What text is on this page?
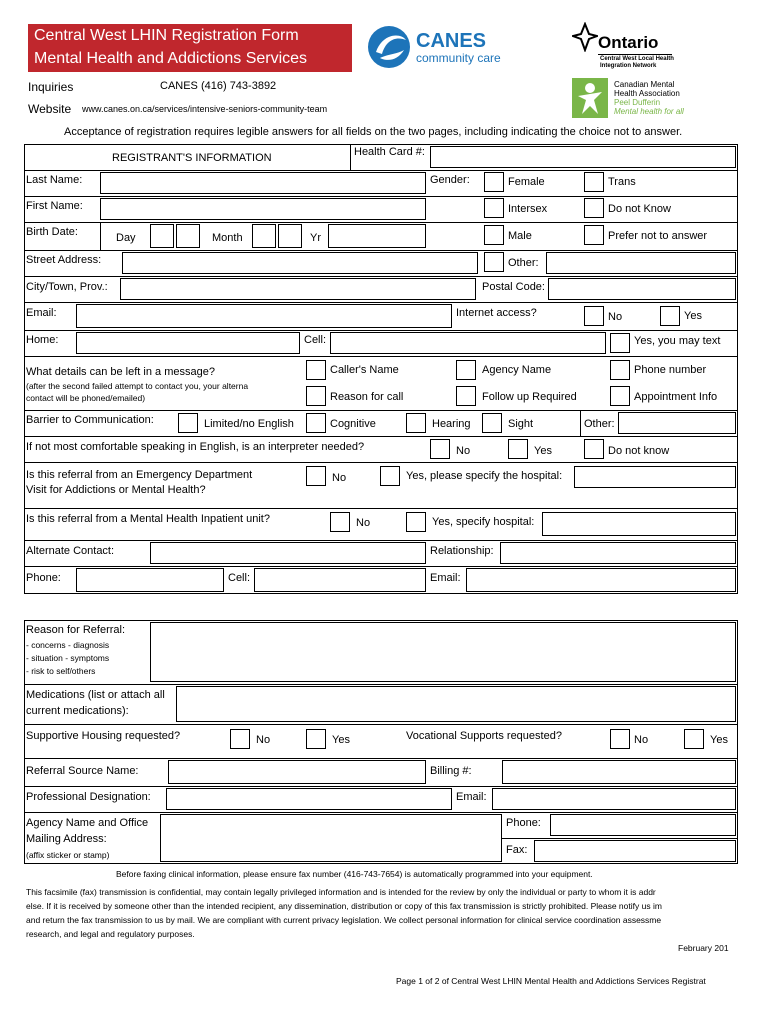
Central West LHIN Registration Form
Mental Health and Addictions Services
CANES
community care
Ontario
Central West Local Health
Integration Network
Canadian Mental
Health Association
Peel Dufferin
Mental health for all
Inquiries	CANES (416) 743-3892
Website www.canes.on.ca/services/intensive-seniors-community-team
Acceptance of registration requires legible answers for all fields on the two pages, including indicating the choice not to answer.
REGISTRANT'S INFORMATION	Health Card #:
Last Name:	Gender:	Female	Trans
First Name:	Intersex	Do not Know
Birth Date:	Day	Month	Yr	Male	Prefer not to answer
Street Address:	Other:
City/Town, Prov.:	Postal Code:
Email:	Internet access?	No	Yes
Home:	Cell:	Yes, you may text
What details can be left in a message?
(after the second failed attempt to contact you, your alterna
contact will be phoned/emailed)
Caller's Name	Agency Name	Phone number
Reason for call	Follow up Required	Appointment Info
Barrier to Communication:	Limited/no English	Cognitive	Hearing	Sight	Other:
If not most comfortable speaking in English, is an interpreter needed?	No	Yes	Do not know
Is this referral from an Emergency Department
Visit for Addictions or Mental Health?
No	Yes, please specify the hospital:
Is this referral from a Mental Health Inpatient unit?	No	Yes, specify hospital:
Alternate Contact:	Relationship:
Phone:	Cell:	Email:
Reason for Referral:
- concerns - diagnosis
- situation - symptoms
- risk to self/others
Medications (list or attach all
current medications):
Supportive Housing requested?	No	Yes	Vocational Supports requested?	No	Yes
Referral Source Name:	Billing #:
Professional Designation:	Email:
Agency Name and Office
Mailing Address:
(affix sticker or stamp)
Phone:
Fax:
Before faxing clinical information, please ensure fax number (416-743-7654) is automatically programmed into your equipment.
This facsimile (fax) transmission is confidential, may contain legally privileged information and is intended for the review by only the individual or party to whom it is addr
else. If it is received by someone other than the intended recipient, any dissemination, distribution or copy of this fax transmission is strictly prohibited. Please notify us im
and return the fax transmission to us by mail. We are compliant with current privacy legislation. We collect personal information for clinical service coordination assessme
research, and legal and regulatory purposes.
February 201
Page 1 of 2 of Central West LHIN Mental Health and Addictions Services Registrat
